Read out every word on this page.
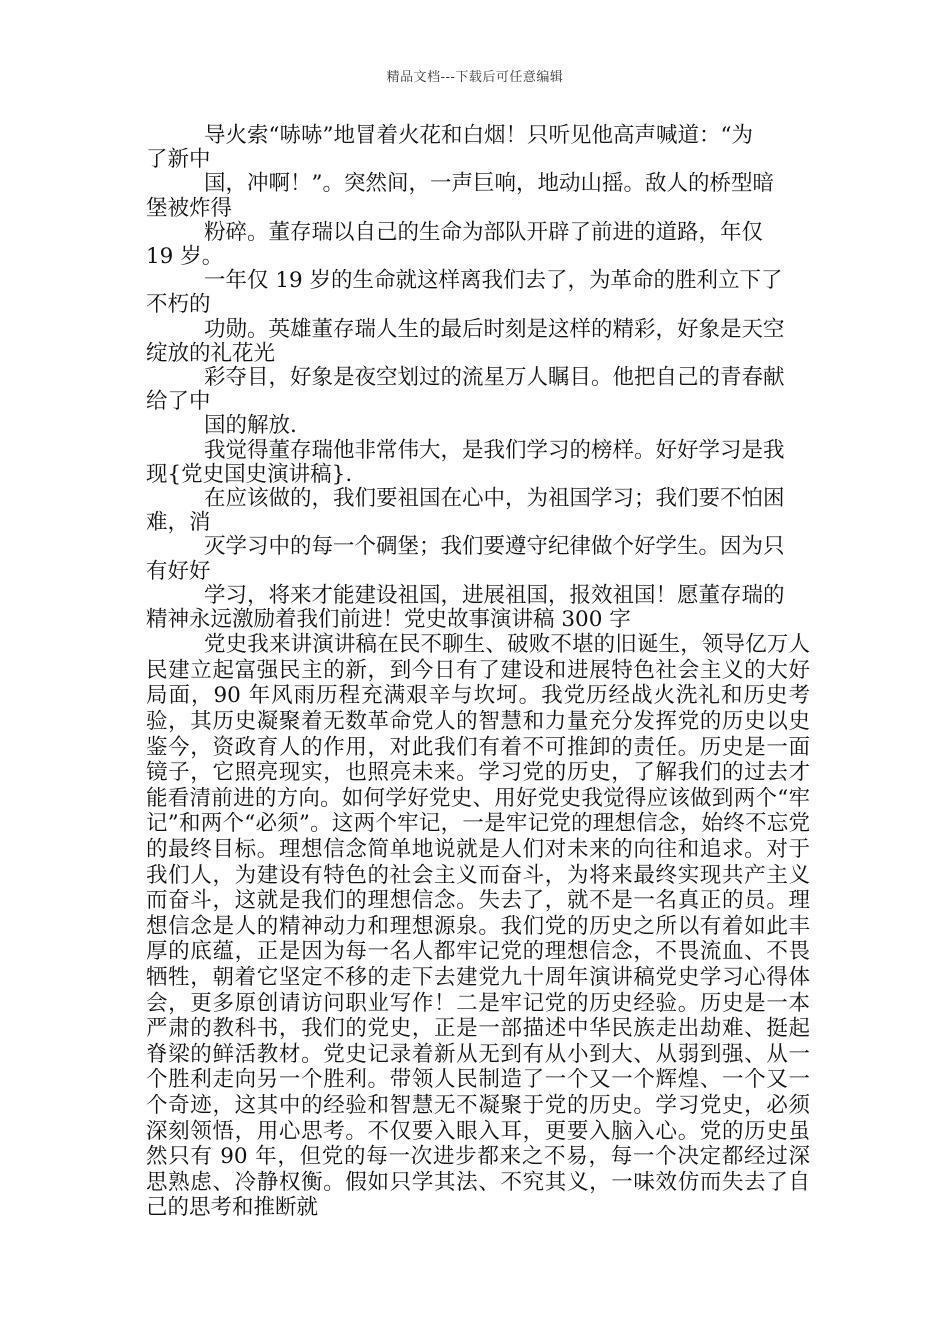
精品文档---下载后可任意编辑

导火索“哧哧”地冒着火花和白烟！只听见他高声喊道：“为

了新中

国，冲啊！”。突然间，一声巨响，地动山摇。敌人的桥型暗

堡被炸得

粉碎。董存瑞以自己的生命为部队开辟了前进的道路，年仅

19 岁。

一年仅 19 岁的生命就这样离我们去了，为革命的胜利立下了

不朽的

功勋。英雄董存瑞人生的最后时刻是这样的精彩，好象是天空

绽放的礼花光

彩夺目，好象是夜空划过的流星万人瞩目。他把自己的青春献

给了中

国的解放.

我觉得董存瑞他非常伟大，是我们学习的榜样。好好学习是我

现{党史国史演讲稿}.

在应该做的，我们要祖国在心中，为祖国学习；我们要不怕困

难，消

灭学习中的每一个碉堡；我们要遵守纪律做个好学生。因为只

有好好

学习，将来才能建设祖国，进展祖国，报效祖国！愿董存瑞的

精神永远激励着我们前进！党史故事演讲稿 300 字

党史我来讲演讲稿在民不聊生、破败不堪的旧诞生，领导亿万人民建立起富强民主的新，到今日有了建设和进展特色社会主义的大好局面，90 年风雨历程充满艰辛与坎坷。我党历经战火洗礼和历史考验，其历史凝聚着无数革命党人的智慧和力量充分发挥党的历史以史鉴今，资政育人的作用，对此我们有着不可推卸的责任。历史是一面镜子，它照亮现实，也照亮未来。学习党的历史，了解我们的过去才能看清前进的方向。如何学好党史、用好党史我觉得应该做到两个“牢记”和两个“必须”。这两个牢记，一是牢记党的理想信念，始终不忘党的最终目标。理想信念简单地说就是人们对未来的向往和追求。对于我们人，为建设有特色的社会主义而奋斗，为将来最终实现共产主义而奋斗，这就是我们的理想信念。失去了，就不是一名真正的员。理想信念是人的精神动力和理想源泉。我们党的历史之所以有着如此丰厚的底蕴，正是因为每一名人都牢记党的理想信念，不畏流血、不畏牺牲，朝着它坚定不移的走下去建党九十周年演讲稿党史学习心得体会，更多原创请访问职业写作！二是牢记党的历史经验。历史是一本严肃的教科书，我们的党史，正是一部描述中华民族走出劫难、挺起脊梁的鲜活教材。党史记录着新从无到有从小到大、从弱到强、从一个胜利走向另一个胜利。带领人民制造了一个又一个辉煌、一个又一个奇迹，这其中的经验和智慧无不凝聚于党的历史。学习党史，必须深刻领悟，用心思考。不仅要入眼入耳，更要入脑入心。党的历史虽然只有 90 年，但党的每一次进步都来之不易，每一个决定都经过深思熟虑、冷静权衡。假如只学其法、不究其义，一味效仿而失去了自己的思考和推断就
